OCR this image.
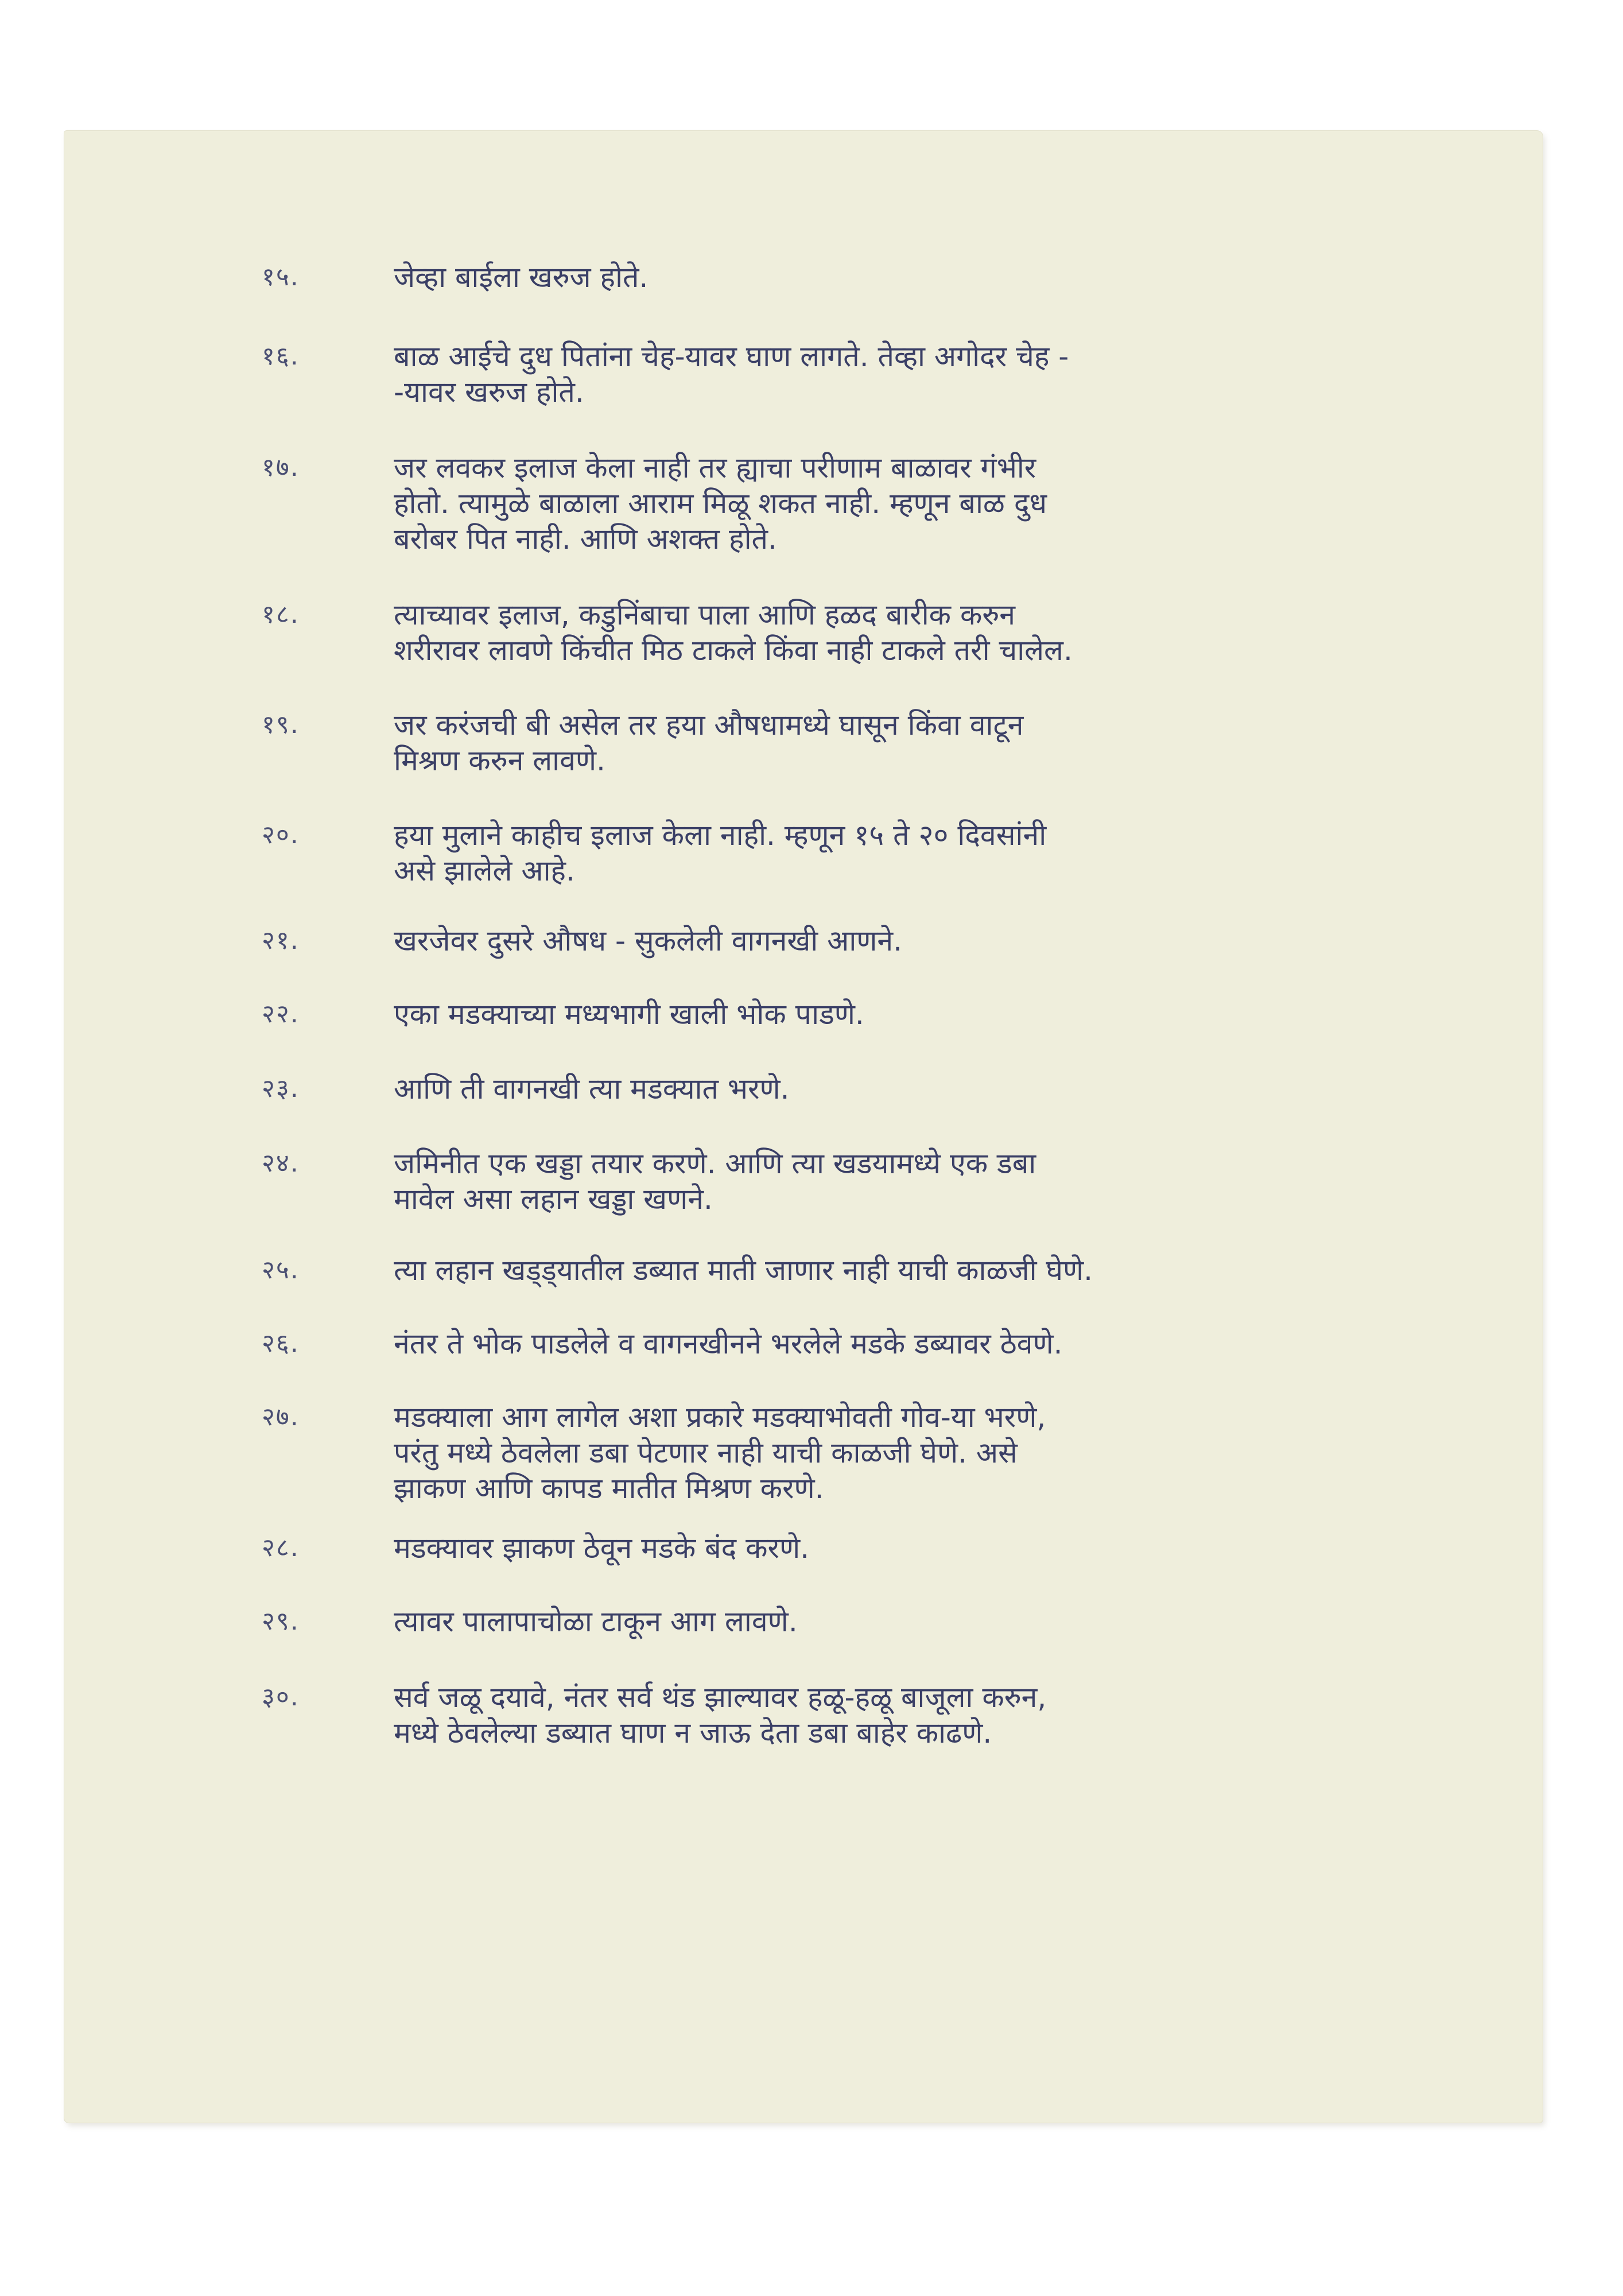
१५.	जेव्हा बाईला खरुज होते.
१६.	बाळ आईचे दुध पितांना चेह-यावर घाण लागते. तेव्हा अगोदर चेह -
-यावर खरुज होते.
१७.	जर लवकर इलाज केला नाही तर ह्याचा परीणाम बाळावर गंभीर
होतो. त्यामुळे बाळाला आराम मिळू शकत नाही. म्हणून बाळ दुध
बरोबर पित नाही. आणि अशक्त होते.
१८.	त्याच्यावर इलाज, कडुनिंबाचा पाला आणि हळद बारीक करुन
शरीरावर लावणे किंचीत मिठ टाकले किंवा नाही टाकले तरी चालेल.
१९.	जर करंजची बी असेल तर हया औषधामध्ये घासून किंवा वाटून
मिश्रण करुन लावणे.
२०.	हया मुलाने काहीच इलाज केला नाही. म्हणून १५ ते २० दिवसांनी
असे झालेले आहे.
२१.	खरजेवर दुसरे औषध - सुकलेली वागनखी आणने.
२२.	एका मडक्याच्या मध्यभागी खाली भोक पाडणे.
२३.	आणि ती वागनखी त्या मडक्यात भरणे.
२४.	जमिनीत एक खड्डा तयार करणे. आणि त्या खडयामध्ये एक डबा
मावेल असा लहान खड्डा खणने.
२५.	त्या लहान खड्ड्यातील डब्यात माती जाणार नाही याची काळजी घेणे.
२६.	नंतर ते भोक पाडलेले व वागनखीनने भरलेले मडके डब्यावर ठेवणे.
२७.	मडक्याला आग लागेल अशा प्रकारे मडक्याभोवती गोव-या भरणे,
परंतु मध्ये ठेवलेला डबा पेटणार नाही याची काळजी घेणे. असे
झाकण आणि कापड मातीत मिश्रण करणे.
२८.	मडक्यावर झाकण ठेवून मडके बंद करणे.
२९.	त्यावर पालापाचोळा टाकून आग लावणे.
३०.	सर्व जळू दयावे, नंतर सर्व थंड झाल्यावर हळू-हळू बाजूला करुन,
मध्ये ठेवलेल्या डब्यात घाण न जाऊ देता डबा बाहेर काढणे.
